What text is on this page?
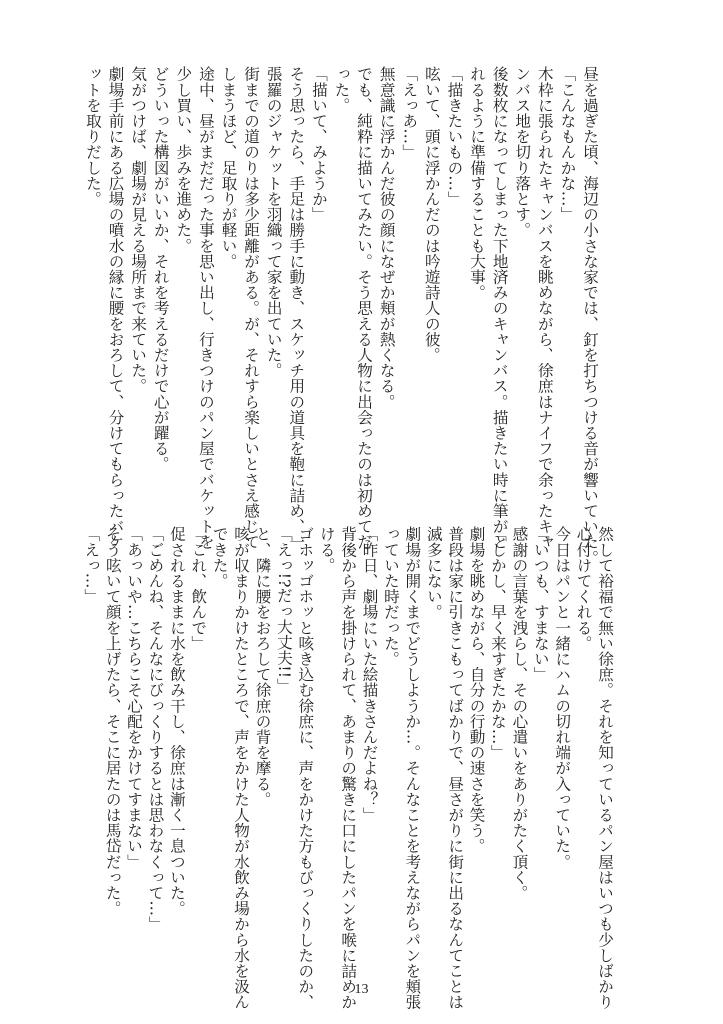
昼を過ぎた頃、海辺の小さな家では、釘を打ちつける音が響いていた。
「こんなもんかな…」
木枠に張られたキャンバスを眺めながら、徐庶はナイフで余ったキャ
ンバス地を切り落とす。
後数枚になってしまった下地済みのキャンバス。描きたい時に筆がと
れるように準備することも大事。
「描きたいもの…」
呟いて、頭に浮かんだのは吟遊詩人の彼。
「えっあ…」
無意識に浮かんだ彼の顔になぜか頬が熱くなる。
でも、純粋に描いてみたい。そう思える人物に出会ったのは初めてだ
った。
「描いて、みようか」
そう思ったら、手足は勝手に動き、スケッチ用の道具を鞄に詰め、一
張羅のジャケットを羽織って家を出ていた。
街までの道のりは多少距離がある。が、それすら楽しいとさえ感じて
しまうほど、足取りが軽い。
途中、昼がまだだった事を思い出し、行きつけのパン屋でバケットを
少し買い、歩みを進めた。
どういった構図がいいか、それを考えるだけで心が躍る。
気がつけば、劇場が見える場所まで来ていた。
劇場手前にある広場の噴水の縁に腰をおろして、分けてもらったバケ
ットを取りだした。
然して裕福で無い徐庶。それを知っているパン屋はいつも少しばかり
心付けてくれる。
今日はパンと一緒にハムの切れ端が入っていた。
「いつも、すまない」
感謝の言葉を洩らし、その心遣いをありがたく頂く。
「しかし、早く来すぎたかな…」
劇場を眺めながら、自分の行動の速さを笑う。
普段は家に引きこもってばかりで、昼さがりに街に出るなんてことは
滅多にない。
劇場が開くまでどうしようか…。そんなことを考えながらパンを頬張
っていた時だった。
「昨日、劇場にいた絵描きさんだよね？」
背後から声を掛けられて、あまりの驚きに口にしたパンを喉に詰めか
ける。
ゴホッゴホッと咳き込む徐庶に、声をかけた方もびっくりしたのか、
「えっ!?だっ大丈夫!!」
と、隣に腰をおろして徐庶の背を摩る。
咳が収まりかけたところで、声をかけた人物が水飲み場から水を汲ん
できた。
「これ、飲んで」
促されるままに水を飲み干し、徐庶は漸く一息ついた。
「ごめんね、そんなにびっくりするとは思わなくって…」
「あっいや…こちらこそ心配をかけてすまない」
そう呟いて顔を上げたら、そこに居たのは馬岱だった。
「えっ…」
13
